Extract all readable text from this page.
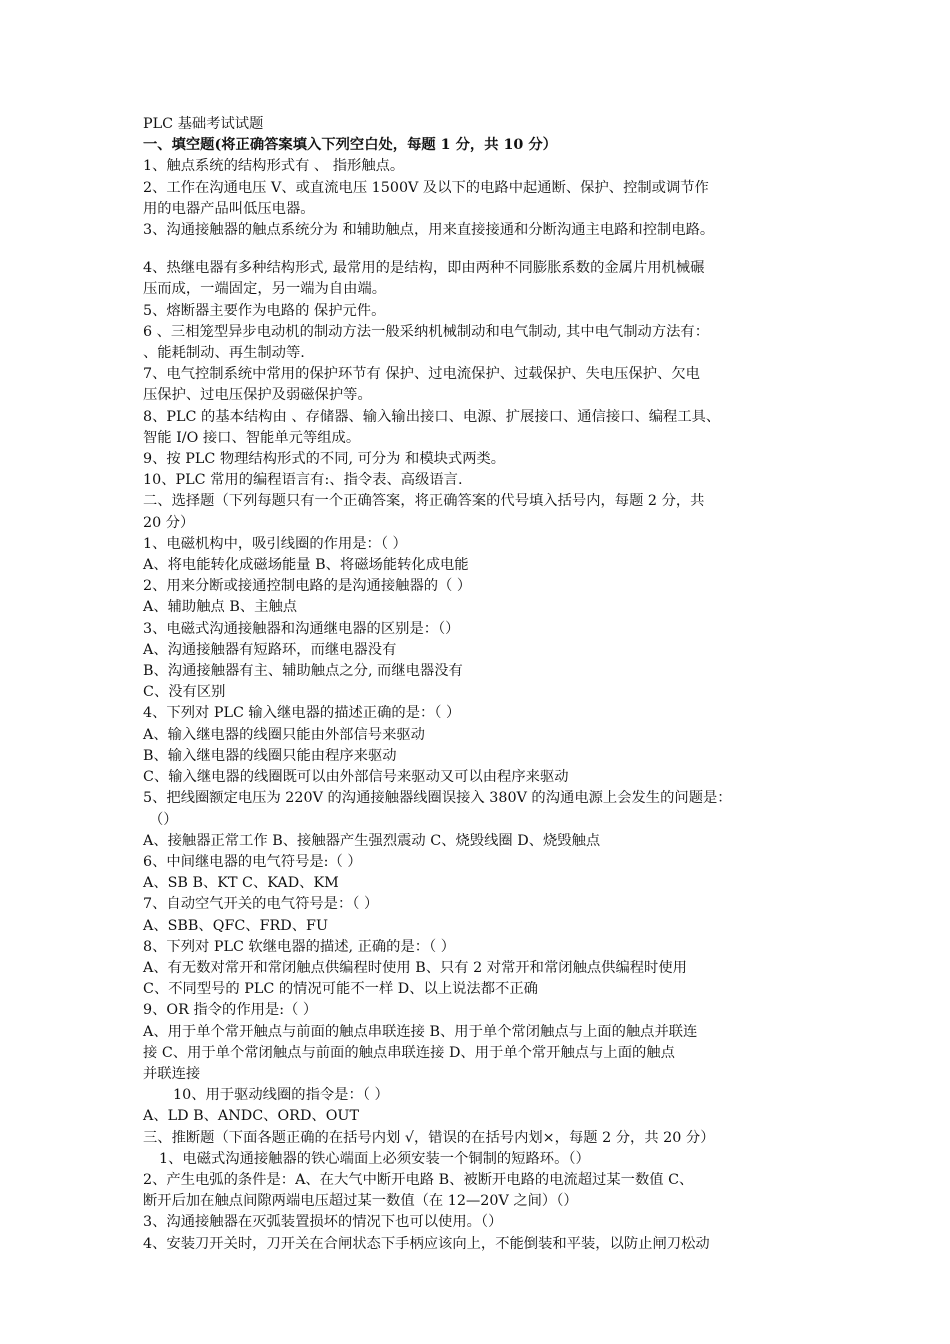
PLC 基础考试试题
一、填空题(将正确答案填入下列空白处，每题 1 分，共 10 分）
1、触点系统的结构形式有 、 指形触点。
2、工作在沟通电压 V、或直流电压 1500V 及以下的电路中起通断、保护、控制或调节作
用的电器产品叫低压电器。
3、沟通接触器的触点系统分为 和辅助触点，用来直接接通和分断沟通主电路和控制电路。
4、热继电器有多种结构形式, 最常用的是结构，即由两种不同膨胀系数的金属片用机械碾
压而成，一端固定，另一端为自由端。
5、熔断器主要作为电路的 保护元件。
6 、三相笼型异步电动机的制动方法一般采纳机械制动和电气制动, 其中电气制动方法有：
、能耗制动、再生制动等.
7、电气控制系统中常用的保护环节有 保护、过电流保护、过载保护、失电压保护、欠电
压保护、过电压保护及弱磁保护等。
8、PLC 的基本结构由 、存储器、输入输出接口、电源、扩展接口、通信接口、编程工具、
智能 I/O 接口、智能单元等组成。
9、按 PLC 物理结构形式的不同, 可分为 和模块式两类。
10、PLC 常用的编程语言有:、指令表、高级语言.
二、选择题（下列每题只有一个正确答案，将正确答案的代号填入括号内，每题 2 分，共
20 分）
1、电磁机构中，吸引线圈的作用是：（ ）
A、将电能转化成磁场能量 B、将磁场能转化成电能
2、用来分断或接通控制电路的是沟通接触器的（ ）
A、辅助触点 B、主触点
3、电磁式沟通接触器和沟通继电器的区别是：（）
A、沟通接触器有短路环，而继电器没有
B、沟通接触器有主、辅助触点之分, 而继电器没有
C、没有区别
4、下列对 PLC 输入继电器的描述正确的是：（ ）
A、输入继电器的线圈只能由外部信号来驱动
B、输入继电器的线圈只能由程序来驱动
C、输入继电器的线圈既可以由外部信号来驱动又可以由程序来驱动
5、把线圈额定电压为 220V 的沟通接触器线圈误接入 380V 的沟通电源上会发生的问题是：
（）
A、接触器正常工作 B、接触器产生强烈震动 C、烧毁线圈 D、烧毁触点
6、中间继电器的电气符号是:（ ）
A、SB B、KT C、KAD、KM
7、自动空气开关的电气符号是：（ ）
A、SBB、QFC、FRD、FU
8、下列对 PLC 软继电器的描述, 正确的是：（ ）
A、有无数对常开和常闭触点供编程时使用 B、只有 2 对常开和常闭触点供编程时使用
C、不同型号的 PLC 的情况可能不一样 D、以上说法都不正确
9、OR 指令的作用是:（ ）
A、用于单个常开触点与前面的触点串联连接 B、用于单个常闭触点与上面的触点并联连
接 C、用于单个常闭触点与前面的触点串联连接 D、用于单个常开触点与上面的触点
并联连接
10、用于驱动线圈的指令是：（ ）
A、LD B、ANDC、ORD、OUT
三、推断题（下面各题正确的在括号内划 √，错误的在括号内划×，每题 2 分，共 20 分）
1、电磁式沟通接触器的铁心端面上必须安装一个铜制的短路环。（）
2、产生电弧的条件是：A、在大气中断开电路 B、被断开电路的电流超过某一数值 C、
断开后加在触点间隙两端电压超过某一数值（在 12—20V 之间）（）
3、沟通接触器在灭弧装置损坏的情况下也可以使用。（）
4、安装刀开关时，刀开关在合闸状态下手柄应该向上，不能倒装和平装，以防止闸刀松动
